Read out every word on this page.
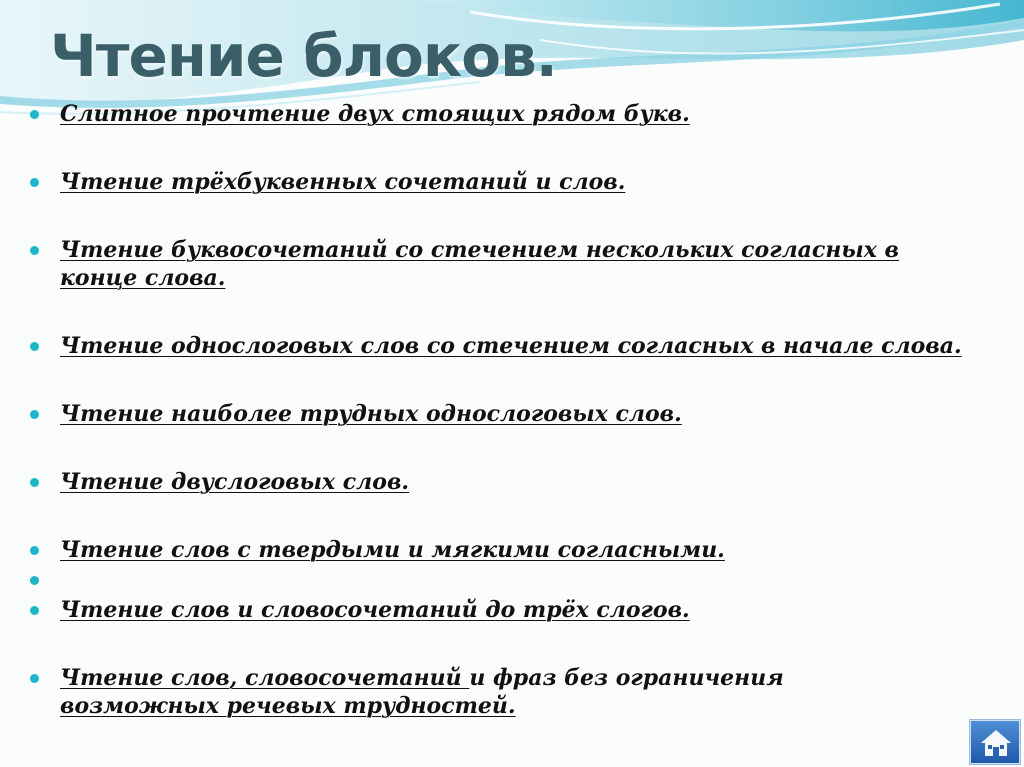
Чтение блоков.
Слитное прочтение двух стоящих рядом букв.
Чтение трёхбуквенных сочетаний и слов.
Чтение буквосочетаний со стечением нескольких согласных в конце слова.
Чтение однослоговых слов со стечением согласных в начале слова.
Чтение наиболее трудных однослоговых слов.
Чтение двуслоговых слов.
Чтение слов с твердыми и мягкими согласными.
Чтение слов и словосочетаний до трёх слогов.
Чтение слов, словосочетаний и фраз без ограничения
возможных речевых трудностей.
